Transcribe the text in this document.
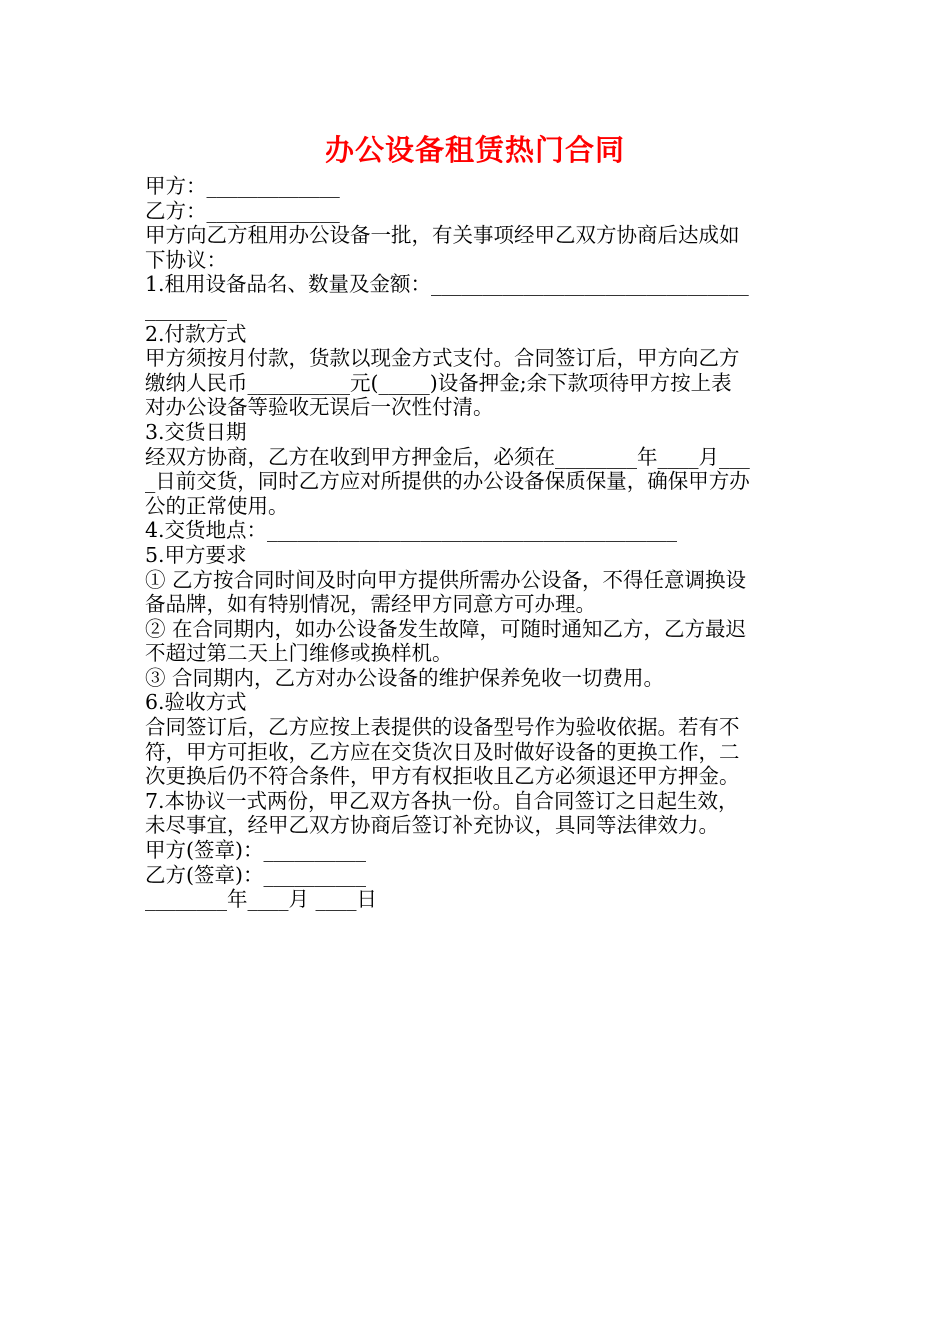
办公设备租赁热门合同
甲方：_____________
乙方：_____________
甲方向乙方租用办公设备一批，有关事项经甲乙双方协商后达成如
下协议：
1.租用设备品名、数量及金额：_______________________________
________
2.付款方式
甲方须按月付款，货款以现金方式支付。合同签订后，甲方向乙方
缴纳人民币__________元(_____)设备押金;余下款项待甲方按上表
对办公设备等验收无误后一次性付清。
3.交货日期
经双方协商，乙方在收到甲方押金后，必须在________年____月___
_日前交货，同时乙方应对所提供的办公设备保质保量，确保甲方办
公的正常使用。
4.交货地点：________________________________________
5.甲方要求
① 乙方按合同时间及时向甲方提供所需办公设备，不得任意调换设
备品牌，如有特别情况，需经甲方同意方可办理。
② 在合同期内，如办公设备发生故障，可随时通知乙方，乙方最迟
不超过第二天上门维修或换样机。
③ 合同期内，乙方对办公设备的维护保养免收一切费用。
6.验收方式
合同签订后，乙方应按上表提供的设备型号作为验收依据。若有不
符，甲方可拒收，乙方应在交货次日及时做好设备的更换工作，二
次更换后仍不符合条件，甲方有权拒收且乙方必须退还甲方押金。
7.本协议一式两份，甲乙双方各执一份。自合同签订之日起生效，
未尽事宜，经甲乙双方协商后签订补充协议，具同等法律效力。
甲方(签章)：__________
乙方(签章)：__________
________年____月 ____日
